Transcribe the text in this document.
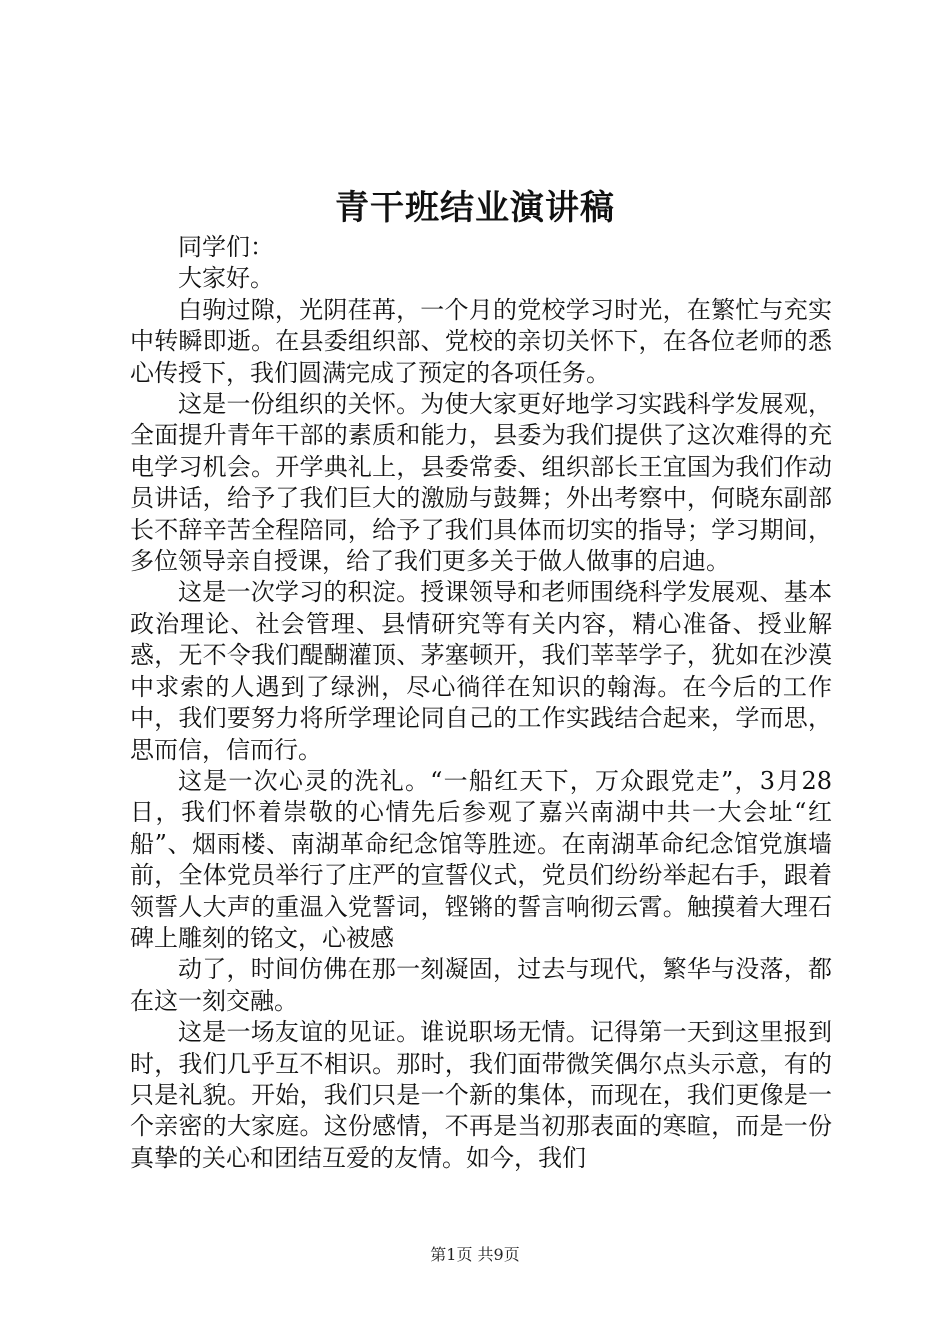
青干班结业演讲稿

同学们：

大家好。

白驹过隙，光阴荏苒，一个月的党校学习时光，在繁忙与充实中转瞬即逝。在县委组织部、党校的亲切关怀下，在各位老师的悉心传授下，我们圆满完成了预定的各项任务。

这是一份组织的关怀。为使大家更好地学习实践科学发展观，全面提升青年干部的素质和能力，县委为我们提供了这次难得的充电学习机会。开学典礼上，县委常委、组织部长王宜国为我们作动员讲话，给予了我们巨大的激励与鼓舞；外出考察中，何晓东副部长不辞辛苦全程陪同，给予了我们具体而切实的指导；学习期间，多位领导亲自授课，给了我们更多关于做人做事的启迪。

这是一次学习的积淀。授课领导和老师围绕科学发展观、基本政治理论、社会管理、县情研究等有关内容，精心准备、授业解惑，无不令我们醍醐灌顶、茅塞顿开，我们莘莘学子，犹如在沙漠中求索的人遇到了绿洲，尽心徜徉在知识的翰海。在今后的工作中，我们要努力将所学理论同自己的工作实践结合起来，学而思，思而信，信而行。

这是一次心灵的洗礼。“一船红天下，万众跟党走”，3月28日，我们怀着崇敬的心情先后参观了嘉兴南湖中共一大会址“红船”、烟雨楼、南湖革命纪念馆等胜迹。在南湖革命纪念馆党旗墙前，全体党员举行了庄严的宣誓仪式，党员们纷纷举起右手，跟着领誓人大声的重温入党誓词，铿锵的誓言响彻云霄。触摸着大理石碑上雕刻的铭文，心被感

动了，时间仿佛在那一刻凝固，过去与现代，繁华与没落，都在这一刻交融。

这是一场友谊的见证。谁说职场无情。记得第一天到这里报到时，我们几乎互不相识。那时，我们面带微笑偶尔点头示意，有的只是礼貌。开始，我们只是一个新的集体，而现在，我们更像是一个亲密的大家庭。这份感情，不再是当初那表面的寒暄，而是一份真挚的关心和团结互爱的友情。如今，我们

第1页 共9页
